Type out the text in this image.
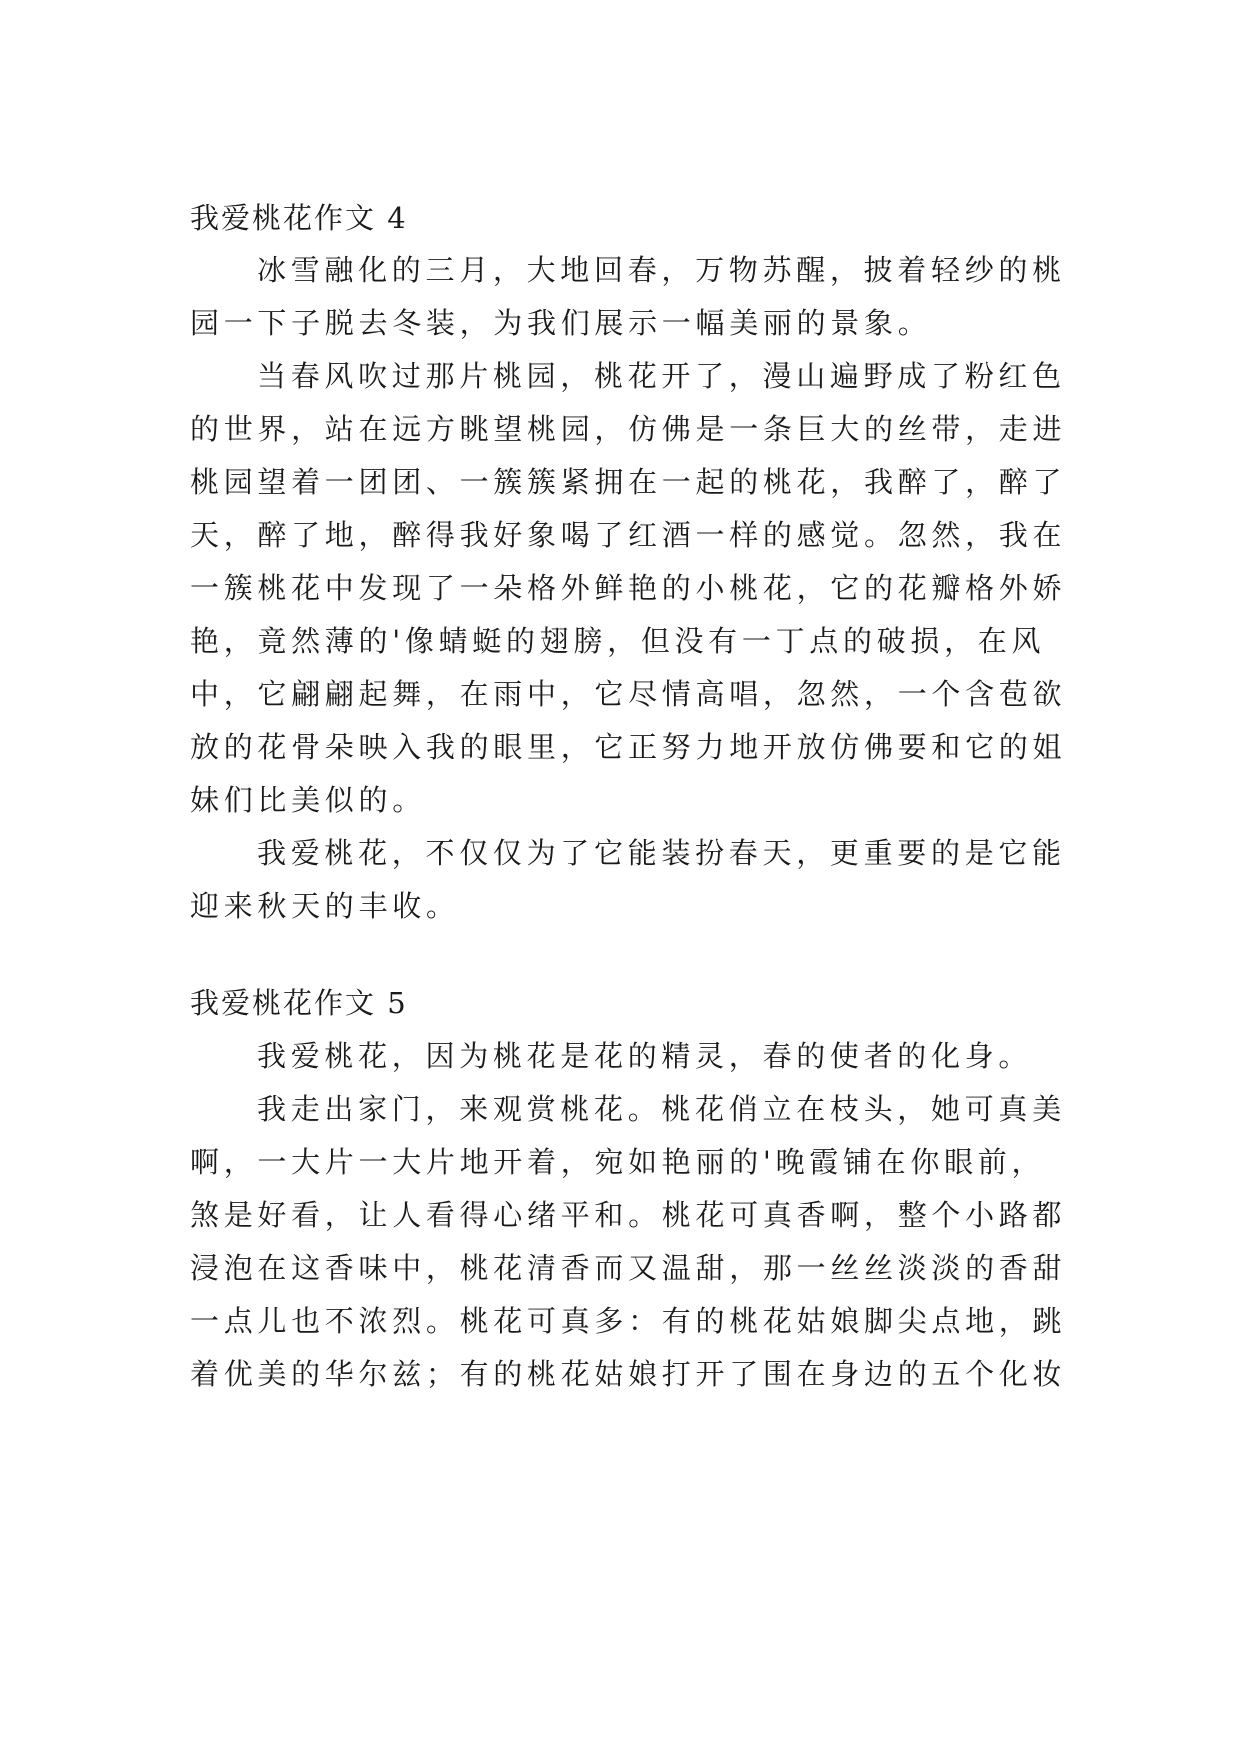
我爱桃花作文 4

冰雪融化的三月，大地回春，万物苏醒，披着轻纱的桃

园一下子脱去冬装，为我们展示一幅美丽的景象。

当春风吹过那片桃园，桃花开了，漫山遍野成了粉红色

的世界，站在远方眺望桃园，仿佛是一条巨大的丝带，走进

桃园望着一团团、一簇簇紧拥在一起的桃花，我醉了，醉了

天，醉了地，醉得我好象喝了红酒一样的感觉。忽然，我在

一簇桃花中发现了一朵格外鲜艳的小桃花，它的花瓣格外娇

艳，竟然薄的'像蜻蜓的翅膀，但没有一丁点的破损，在风

中，它翩翩起舞，在雨中，它尽情高唱，忽然，一个含苞欲

放的花骨朵映入我的眼里，它正努力地开放仿佛要和它的姐

妹们比美似的。

我爱桃花，不仅仅为了它能装扮春天，更重要的是它能

迎来秋天的丰收。

我爱桃花作文 5

我爱桃花，因为桃花是花的精灵，春的使者的化身。

我走出家门，来观赏桃花。桃花俏立在枝头，她可真美

啊，一大片一大片地开着，宛如艳丽的'晚霞铺在你眼前，

煞是好看，让人看得心绪平和。桃花可真香啊，整个小路都

浸泡在这香味中，桃花清香而又温甜，那一丝丝淡淡的香甜

一点儿也不浓烈。桃花可真多：有的桃花姑娘脚尖点地，跳

着优美的华尔兹；有的桃花姑娘打开了围在身边的五个化妆
